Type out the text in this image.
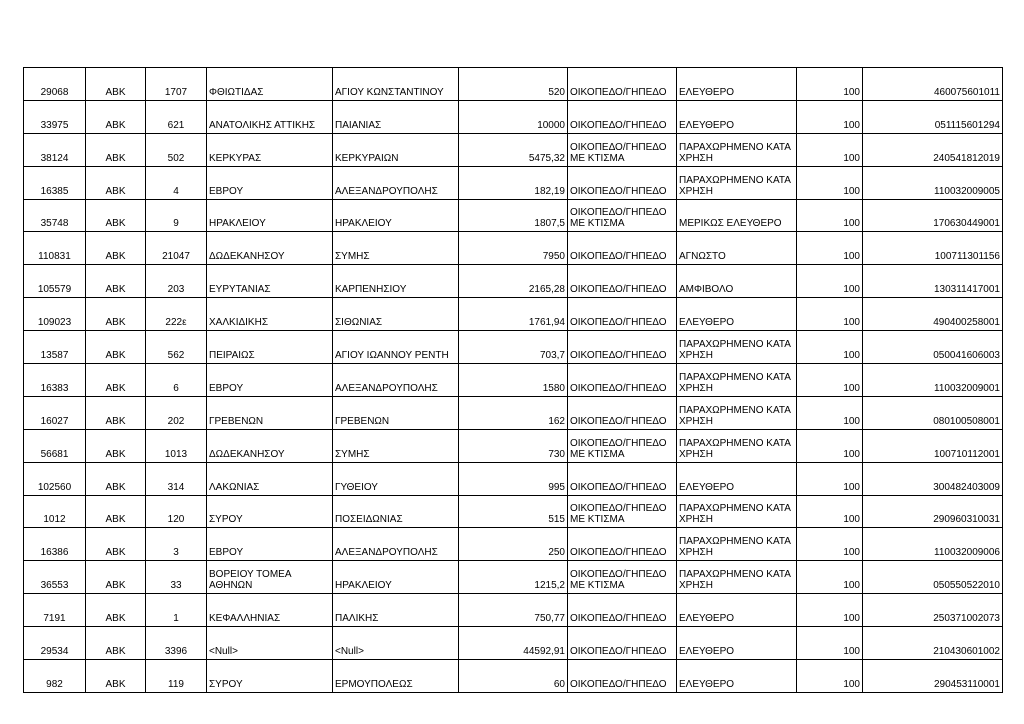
29068	ABK	1707	ΦΘΙΩΤΙΔΑΣ	ΑΓΙΟΥ ΚΩΝΣΤΑΝΤΙΝΟΥ	520	ΟΙΚΟΠΕΔΟ/ΓΗΠΕΔΟ	ΕΛΕΥΘΕΡΟ	100	460075601011
33975	ABK	621	ΑΝΑΤΟΛΙΚΗΣ ΑΤΤΙΚΗΣ	ΠΑΙΑΝΙΑΣ	10000	ΟΙΚΟΠΕΔΟ/ΓΗΠΕΔΟ	ΕΛΕΥΘΕΡΟ	100	051115601294
38124	ABK	502	ΚΕΡΚΥΡΑΣ	ΚΕΡΚΥΡΑΙΩΝ	5475,32	ΟΙΚΟΠΕΔΟ/ΓΗΠΕΔΟ ΜΕ ΚΤΙΣΜΑ	ΠΑΡΑΧΩΡΗΜΕΝΟ ΚΑΤΑ ΧΡΗΣΗ	100	240541812019
16385	ABK	4	ΕΒΡΟΥ	ΑΛΕΞΑΝΔΡΟΥΠΟΛΗΣ	182,19	ΟΙΚΟΠΕΔΟ/ΓΗΠΕΔΟ	ΠΑΡΑΧΩΡΗΜΕΝΟ ΚΑΤΑ ΧΡΗΣΗ	100	110032009005
35748	ABK	9	ΗΡΑΚΛΕΙΟΥ	ΗΡΑΚΛΕΙΟΥ	1807,5	ΟΙΚΟΠΕΔΟ/ΓΗΠΕΔΟ ΜΕ ΚΤΙΣΜΑ	ΜΕΡΙΚΩΣ ΕΛΕΥΘΕΡΟ	100	170630449001
110831	ABK	21047	ΔΩΔΕΚΑΝΗΣΟΥ	ΣΥΜΗΣ	7950	ΟΙΚΟΠΕΔΟ/ΓΗΠΕΔΟ	ΑΓΝΩΣΤΟ	100	100711301156
105579	ABK	203	ΕΥΡΥΤΑΝΙΑΣ	ΚΑΡΠΕΝΗΣΙΟΥ	2165,28	ΟΙΚΟΠΕΔΟ/ΓΗΠΕΔΟ	ΑΜΦΙΒΟΛΟ	100	130311417001
109023	ABK	222ε	ΧΑΛΚΙΔΙΚΗΣ	ΣΙΘΩΝΙΑΣ	1761,94	ΟΙΚΟΠΕΔΟ/ΓΗΠΕΔΟ	ΕΛΕΥΘΕΡΟ	100	490400258001
13587	ABK	562	ΠΕΙΡΑΙΩΣ	ΑΓΙΟΥ ΙΩΑΝΝΟΥ ΡΕΝΤΗ	703,7	ΟΙΚΟΠΕΔΟ/ΓΗΠΕΔΟ	ΠΑΡΑΧΩΡΗΜΕΝΟ ΚΑΤΑ ΧΡΗΣΗ	100	050041606003
16383	ABK	6	ΕΒΡΟΥ	ΑΛΕΞΑΝΔΡΟΥΠΟΛΗΣ	1580	ΟΙΚΟΠΕΔΟ/ΓΗΠΕΔΟ	ΠΑΡΑΧΩΡΗΜΕΝΟ ΚΑΤΑ ΧΡΗΣΗ	100	110032009001
16027	ABK	202	ΓΡΕΒΕΝΩΝ	ΓΡΕΒΕΝΩΝ	162	ΟΙΚΟΠΕΔΟ/ΓΗΠΕΔΟ	ΠΑΡΑΧΩΡΗΜΕΝΟ ΚΑΤΑ ΧΡΗΣΗ	100	080100508001
56681	ABK	1013	ΔΩΔΕΚΑΝΗΣΟΥ	ΣΥΜΗΣ	730	ΟΙΚΟΠΕΔΟ/ΓΗΠΕΔΟ ΜΕ ΚΤΙΣΜΑ	ΠΑΡΑΧΩΡΗΜΕΝΟ ΚΑΤΑ ΧΡΗΣΗ	100	100710112001
102560	ABK	314	ΛΑΚΩΝΙΑΣ	ΓΥΘΕΙΟΥ	995	ΟΙΚΟΠΕΔΟ/ΓΗΠΕΔΟ	ΕΛΕΥΘΕΡΟ	100	300482403009
1012	ABK	120	ΣΥΡΟΥ	ΠΟΣΕΙΔΩΝΙΑΣ	515	ΟΙΚΟΠΕΔΟ/ΓΗΠΕΔΟ ΜΕ ΚΤΙΣΜΑ	ΠΑΡΑΧΩΡΗΜΕΝΟ ΚΑΤΑ ΧΡΗΣΗ	100	290960310031
16386	ABK	3	ΕΒΡΟΥ	ΑΛΕΞΑΝΔΡΟΥΠΟΛΗΣ	250	ΟΙΚΟΠΕΔΟ/ΓΗΠΕΔΟ	ΠΑΡΑΧΩΡΗΜΕΝΟ ΚΑΤΑ ΧΡΗΣΗ	100	110032009006
36553	ABK	33	ΒΟΡΕΙΟΥ ΤΟΜΕΑ ΑΘΗΝΩΝ	ΗΡΑΚΛΕΙΟΥ	1215,2	ΟΙΚΟΠΕΔΟ/ΓΗΠΕΔΟ ΜΕ ΚΤΙΣΜΑ	ΠΑΡΑΧΩΡΗΜΕΝΟ ΚΑΤΑ ΧΡΗΣΗ	100	050550522010
7191	ABK	1	ΚΕΦΑΛΛΗΝΙΑΣ	ΠΑΛΙΚΗΣ	750,77	ΟΙΚΟΠΕΔΟ/ΓΗΠΕΔΟ	ΕΛΕΥΘΕΡΟ	100	250371002073
29534	ABK	3396	<Null>	<Null>	44592,91	ΟΙΚΟΠΕΔΟ/ΓΗΠΕΔΟ	ΕΛΕΥΘΕΡΟ	100	210430601002
982	ABK	119	ΣΥΡΟΥ	ΕΡΜΟΥΠΟΛΕΩΣ	60	ΟΙΚΟΠΕΔΟ/ΓΗΠΕΔΟ	ΕΛΕΥΘΕΡΟ	100	290453110001
